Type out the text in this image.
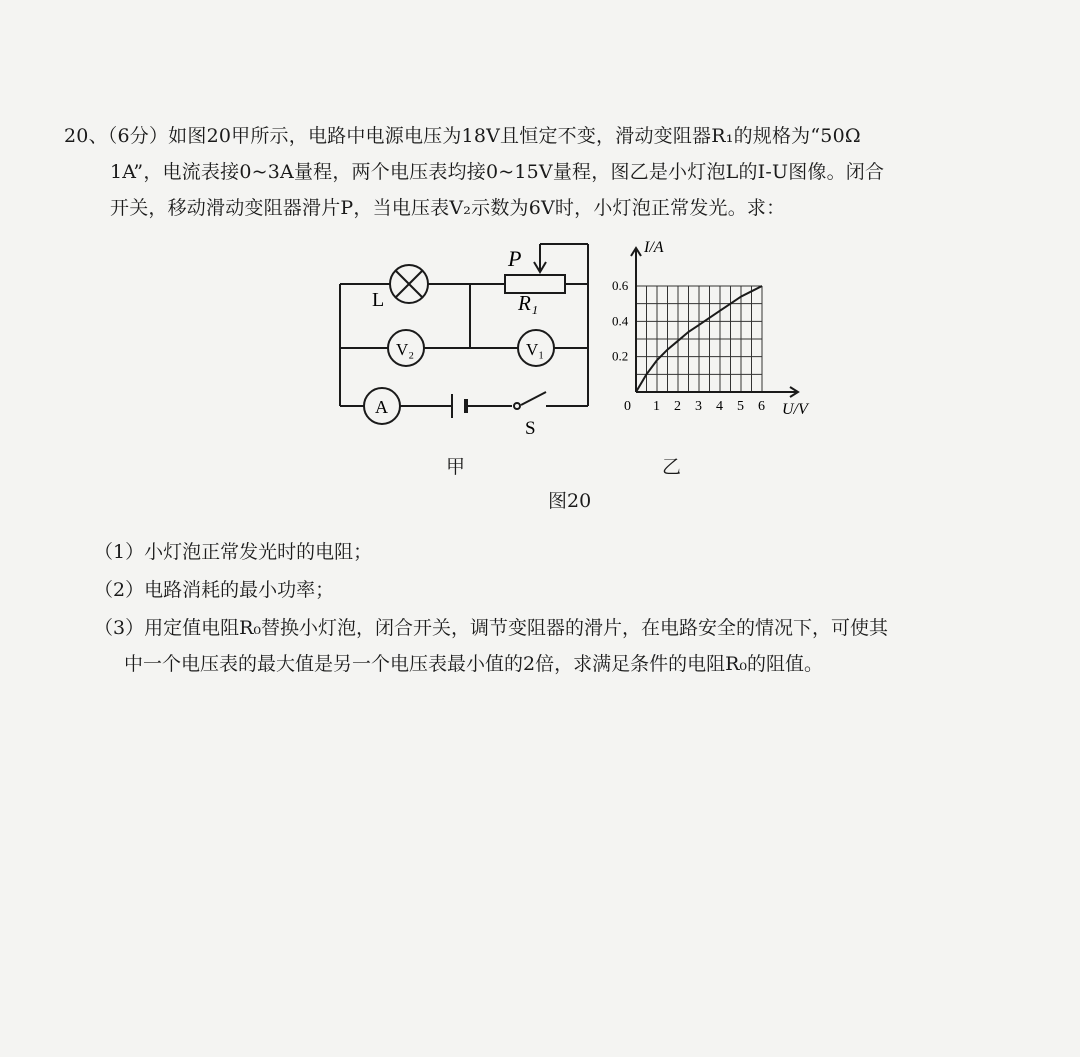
20、（6分）如图20甲所示，电路中电源电压为18V且恒定不变，滑动变阻器R₁的规格为“50Ω
1A”，电流表接0~3A量程，两个电压表均接0~15V量程，图乙是小灯泡L的I-U图像。闭合
开关，移动滑动变阻器滑片P，当电压表V₂示数为6V时，小灯泡正常发光。求：
P
R₁
L
V₂	V₁
A
S
0 1 2 3 4 5 6
0.2
0.4
0.6
U/V
I/A
甲	乙
图20
（1）小灯泡正常发光时的电阻；
（2）电路消耗的最小功率；
（3）用定值电阻R₀替换小灯泡，闭合开关，调节变阻器的滑片，在电路安全的情况下，可使其
中一个电压表的最大值是另一个电压表最小值的2倍，求满足条件的电阻R₀的阻值。
